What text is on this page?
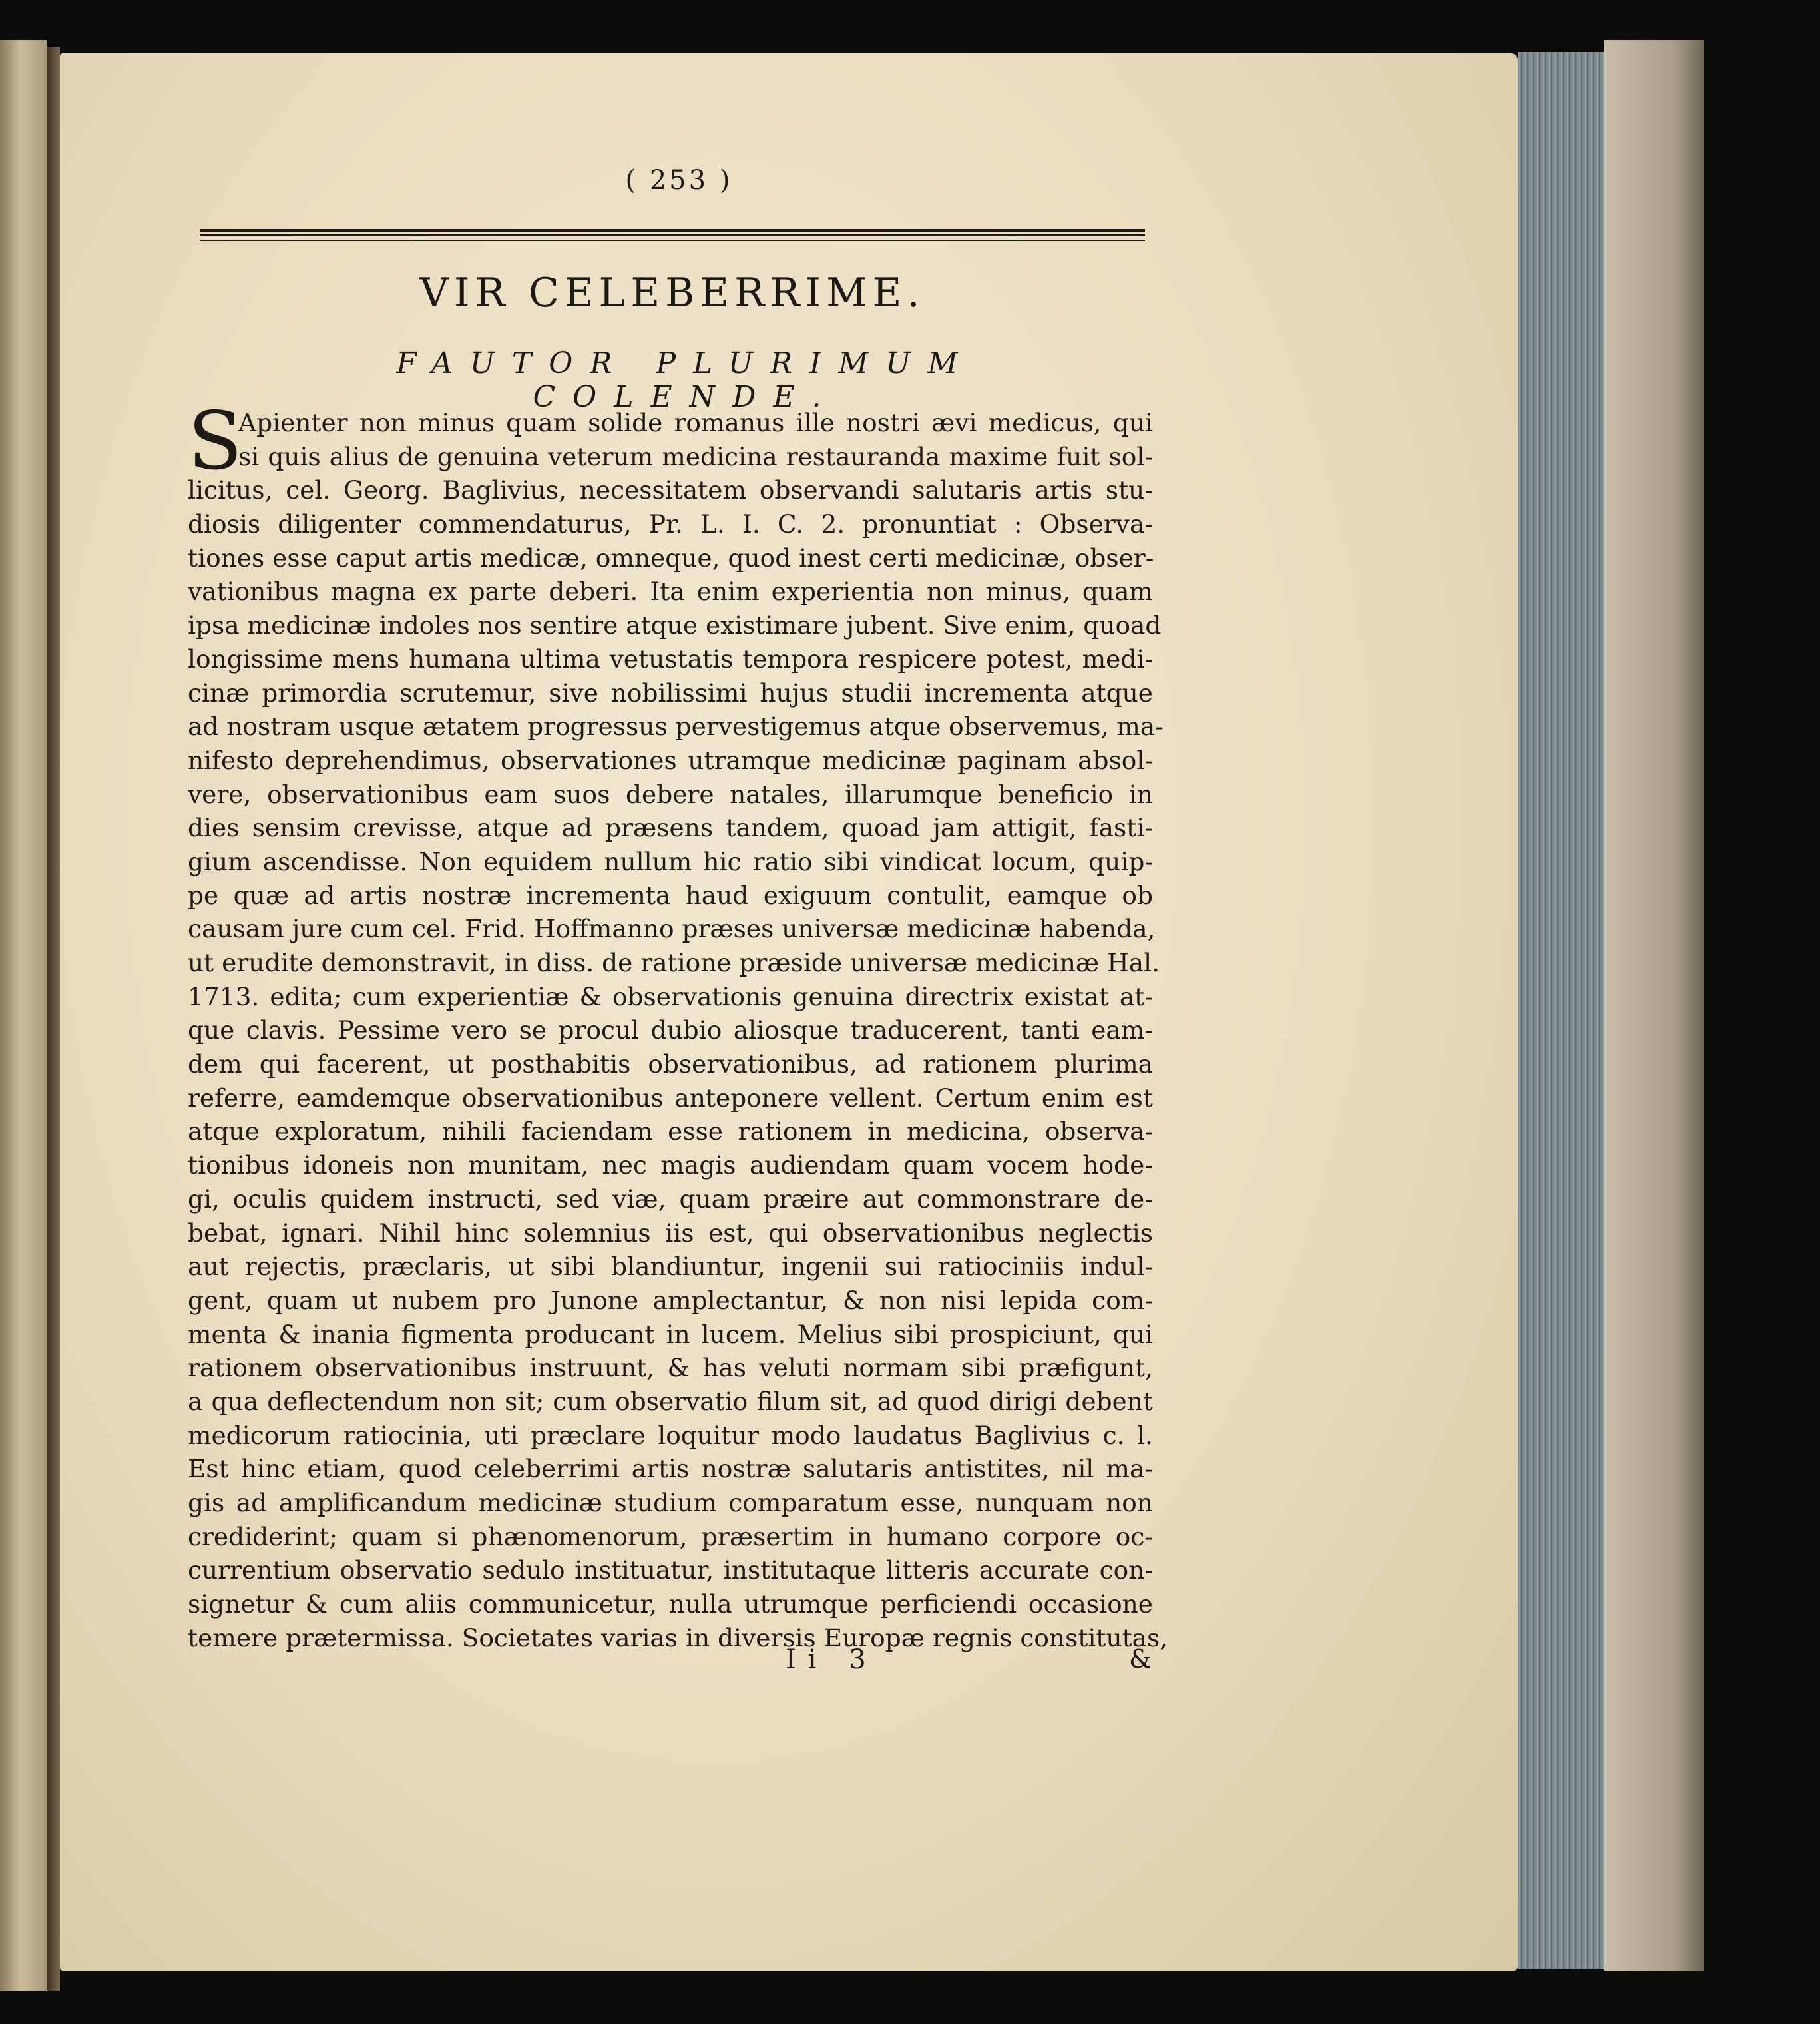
( 253 )
VIR CELEBERRIME.
FAUTOR PLURIMUM COLENDE.
S
Apienter non minus quam solide romanus ille nostri ævi medicus, qui
si quis alius de genuina veterum medicina restauranda maxime fuit sol-
licitus, cel. Georg. Baglivius, necessitatem observandi salutaris artis stu-
diosis diligenter commendaturus, Pr. L. I. C. 2. pronuntiat : Observa-
tiones esse caput artis medicæ, omneque, quod inest certi medicinæ, obser-
vationibus magna ex parte deberi. Ita enim experientia non minus, quam
ipsa medicinæ indoles nos sentire atque existimare jubent. Sive enim, quoad
longissime mens humana ultima vetustatis tempora respicere potest, medi-
cinæ primordia scrutemur, sive nobilissimi hujus studii incrementa atque
ad nostram usque ætatem progressus pervestigemus atque observemus, ma-
nifesto deprehendimus, observationes utramque medicinæ paginam absol-
vere, observationibus eam suos debere natales, illarumque beneficio in
dies sensim crevisse, atque ad præsens tandem, quoad jam attigit, fasti-
gium ascendisse. Non equidem nullum hic ratio sibi vindicat locum, quip-
pe quæ ad artis nostræ incrementa haud exiguum contulit, eamque ob
causam jure cum cel. Frid. Hoffmanno præses universæ medicinæ habenda,
ut erudite demonstravit, in diss. de ratione præside universæ medicinæ Hal.
1713. edita; cum experientiæ & observationis genuina directrix existat at-
que clavis. Pessime vero se procul dubio aliosque traducerent, tanti eam-
dem qui facerent, ut posthabitis observationibus, ad rationem plurima
referre, eamdemque observationibus anteponere vellent. Certum enim est
atque exploratum, nihili faciendam esse rationem in medicina, observa-
tionibus idoneis non munitam, nec magis audiendam quam vocem hode-
gi, oculis quidem instructi, sed viæ, quam præire aut commonstrare de-
bebat, ignari. Nihil hinc solemnius iis est, qui observationibus neglectis
aut rejectis, præclaris, ut sibi blandiuntur, ingenii sui ratiociniis indul-
gent, quam ut nubem pro Junone amplectantur, & non nisi lepida com-
menta & inania figmenta producant in lucem. Melius sibi prospiciunt, qui
rationem observationibus instruunt, & has veluti normam sibi præfigunt,
a qua deflectendum non sit; cum observatio filum sit, ad quod dirigi debent
medicorum ratiocinia, uti præclare loquitur modo laudatus Baglivius c. l.
Est hinc etiam, quod celeberrimi artis nostræ salutaris antistites, nil ma-
gis ad amplificandum medicinæ studium comparatum esse, nunquam non
crediderint; quam si phænomenorum, præsertim in humano corpore oc-
currentium observatio sedulo instituatur, institutaque litteris accurate con-
signetur & cum aliis communicetur, nulla utrumque perficiendi occasione
temere prætermissa. Societates varias in diversis Europæ regnis constitutas,
Ii 3	&
